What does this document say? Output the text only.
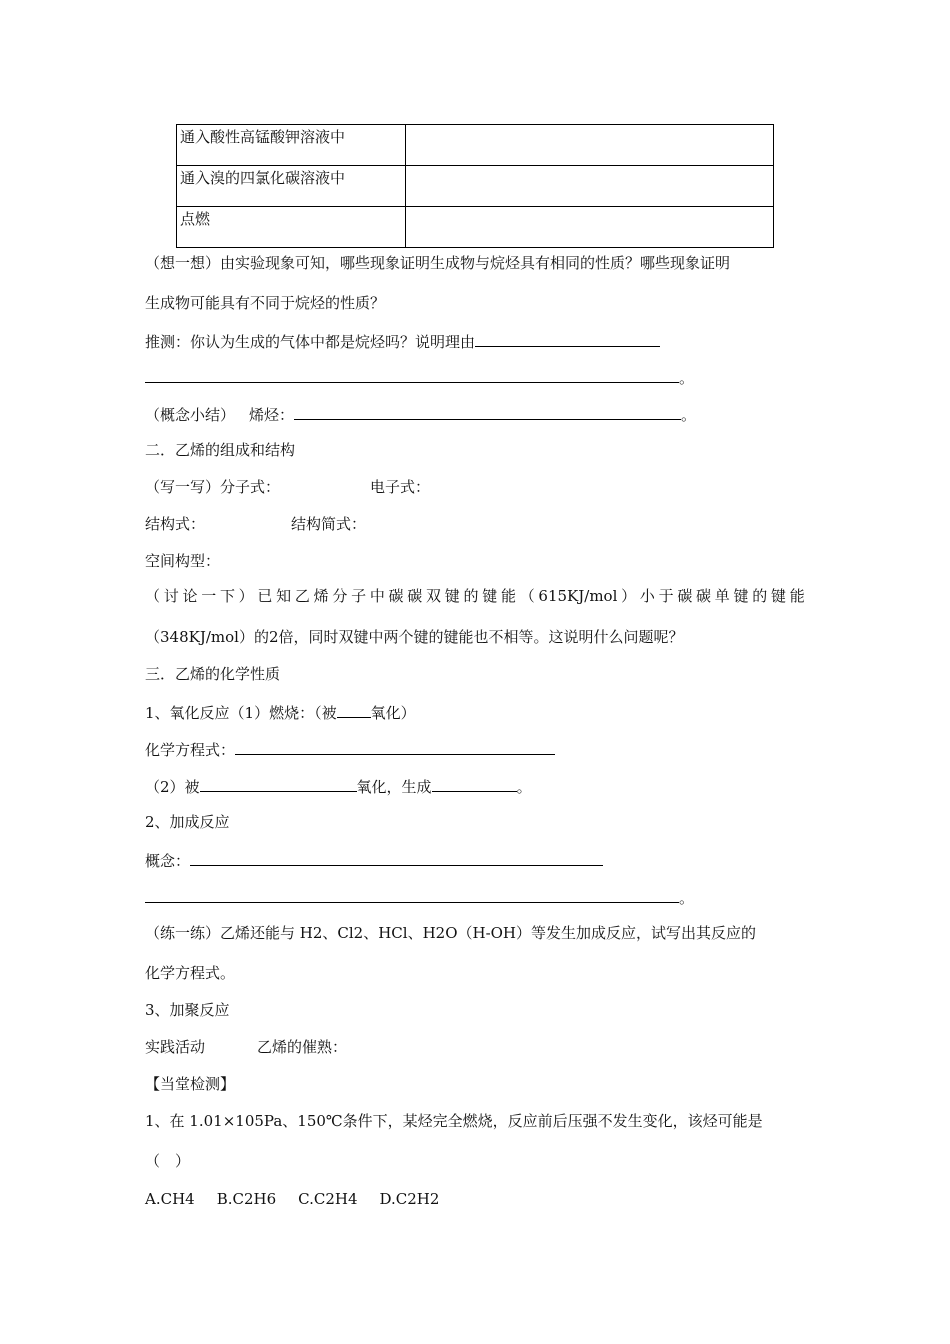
通入酸性高锰酸钾溶液中	
通入溴的四氯化碳溶液中	
点燃	
（想一想）由实验现象可知，哪些现象证明生成物与烷烃具有相同的性质？哪些现象证明
生成物可能具有不同于烷烃的性质？
推测：你认为生成的气体中都是烷烃吗？说明理由
。
（概念小结） 烯烃：	。
二．乙烯的组成和结构
（写一写）分子式：	电子式：
结构式：	结构简式：
空间构型：
（ 讨 论 一 下 ） 已 知 乙 烯 分 子 中 碳 碳 双 键 的 键 能 （ 615KJ/mol ） 小 于 碳 碳 单 键 的 键 能
（348KJ/mol）的2倍，同时双键中两个键的键能也不相等。这说明什么问题呢？
三．乙烯的化学性质
1、氧化反应（1）燃烧：（被 氧化）
化学方程式：
（2）被	氧化，生成	。
2、加成反应
概念：
。
（练一练）乙烯还能与 H2、Cl2、HCl、H2O（H-OH）等发生加成反应，试写出其反应的
化学方程式。
3、加聚反应
实践活动	乙烯的催熟：
【当堂检测】
1、在 1.01×105Pa、150℃条件下，某烃完全燃烧，反应前后压强不发生变化，该烃可能是
（　）
A.CH4 B.C2H6 C.C2H4 D.C2H2
